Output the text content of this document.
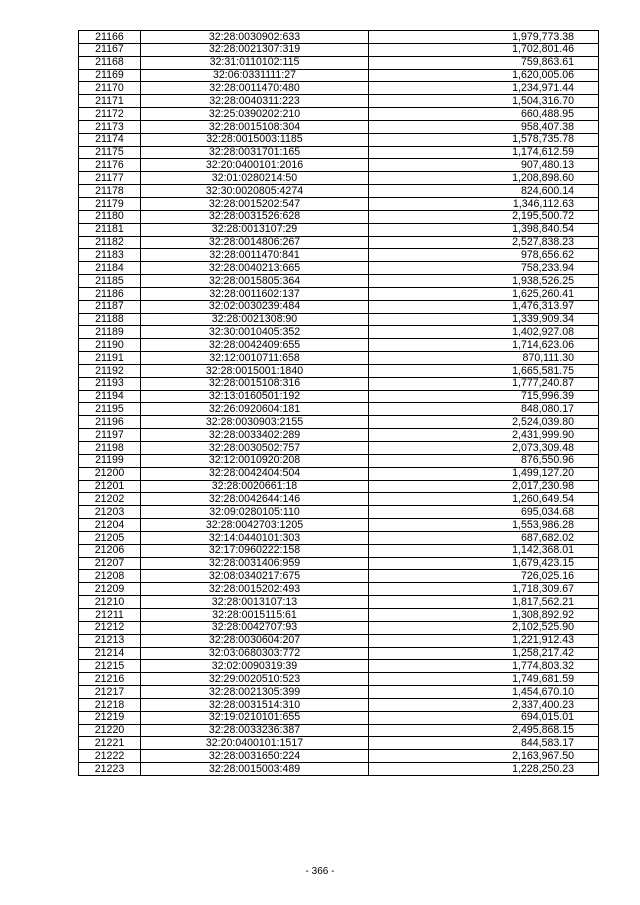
21166	32:28:0030902:633	1,979,773.38
21167	32:28:0021307:319	1,702,801.46
21168	32:31:0110102:115	759,863.61
21169	32:06:0331111:27	1,620,005.06
21170	32:28:0011470:480	1,234,971.44
21171	32:28:0040311:223	1,504,316.70
21172	32:25:0390202:210	660,488.95
21173	32:28:0015108:304	958,407.38
21174	32:28:0015003:1185	1,578,735.78
21175	32:28:0031701:165	1,174,612.59
21176	32:20:0400101:2016	907,480.13
21177	32:01:0280214:50	1,208,898.60
21178	32:30:0020805:4274	824,600.14
21179	32:28:0015202:547	1,346,112.63
21180	32:28:0031526:628	2,195,500.72
21181	32:28:0013107:29	1,398,840.54
21182	32:28:0014806:267	2,527,838.23
21183	32:28:0011470:841	978,656.62
21184	32:28:0040213:665	758,233.94
21185	32:28:0015805:364	1,938,526.25
21186	32:28:0011602:137	1,625,260.41
21187	32:02:0030239:484	1,476,313.97
21188	32:28:0021308:90	1,339,909.34
21189	32:30:0010405:352	1,402,927.08
21190	32:28:0042409:655	1,714,623.06
21191	32:12:0010711:658	870,111.30
21192	32:28:0015001:1840	1,665,581.75
21193	32:28:0015108:316	1,777,240.87
21194	32:13:0160501:192	715,996.39
21195	32:26:0920604:181	848,080.17
21196	32:28:0030903:2155	2,524,039.80
21197	32:28:0033402:289	2,431,999.90
21198	32:28:0030502:757	2,073,309.48
21199	32:12:0010920:208	876,550.96
21200	32:28:0042404:504	1,499,127.20
21201	32:28:0020661:18	2,017,230.98
21202	32:28:0042644:146	1,260,649.54
21203	32:09:0280105:110	695,034.68
21204	32:28:0042703:1205	1,553,986.28
21205	32:14:0440101:303	687,682.02
21206	32:17:0960222:158	1,142,368.01
21207	32:28:0031406:959	1,679,423.15
21208	32:08:0340217:675	726,025.16
21209	32:28:0015202:493	1,718,309.67
21210	32:28:0013107:13	1,817,562.21
21211	32:28:0015115:61	1,308,892.92
21212	32:28:0042707:93	2,102,525.90
21213	32:28:0030604:207	1,221,912.43
21214	32:03:0680303:772	1,258,217.42
21215	32:02:0090319:39	1,774,803.32
21216	32:29:0020510:523	1,749,681.59
21217	32:28:0021305:399	1,454,670.10
21218	32:28:0031514:310	2,337,400.23
21219	32:19:0210101:655	694,015.01
21220	32:28:0033236:387	2,495,868.15
21221	32:20:0400101:1517	844,583.17
21222	32:28:0031650:224	2,163,967.50
21223	32:28:0015003:489	1,228,250.23
- 366 -
